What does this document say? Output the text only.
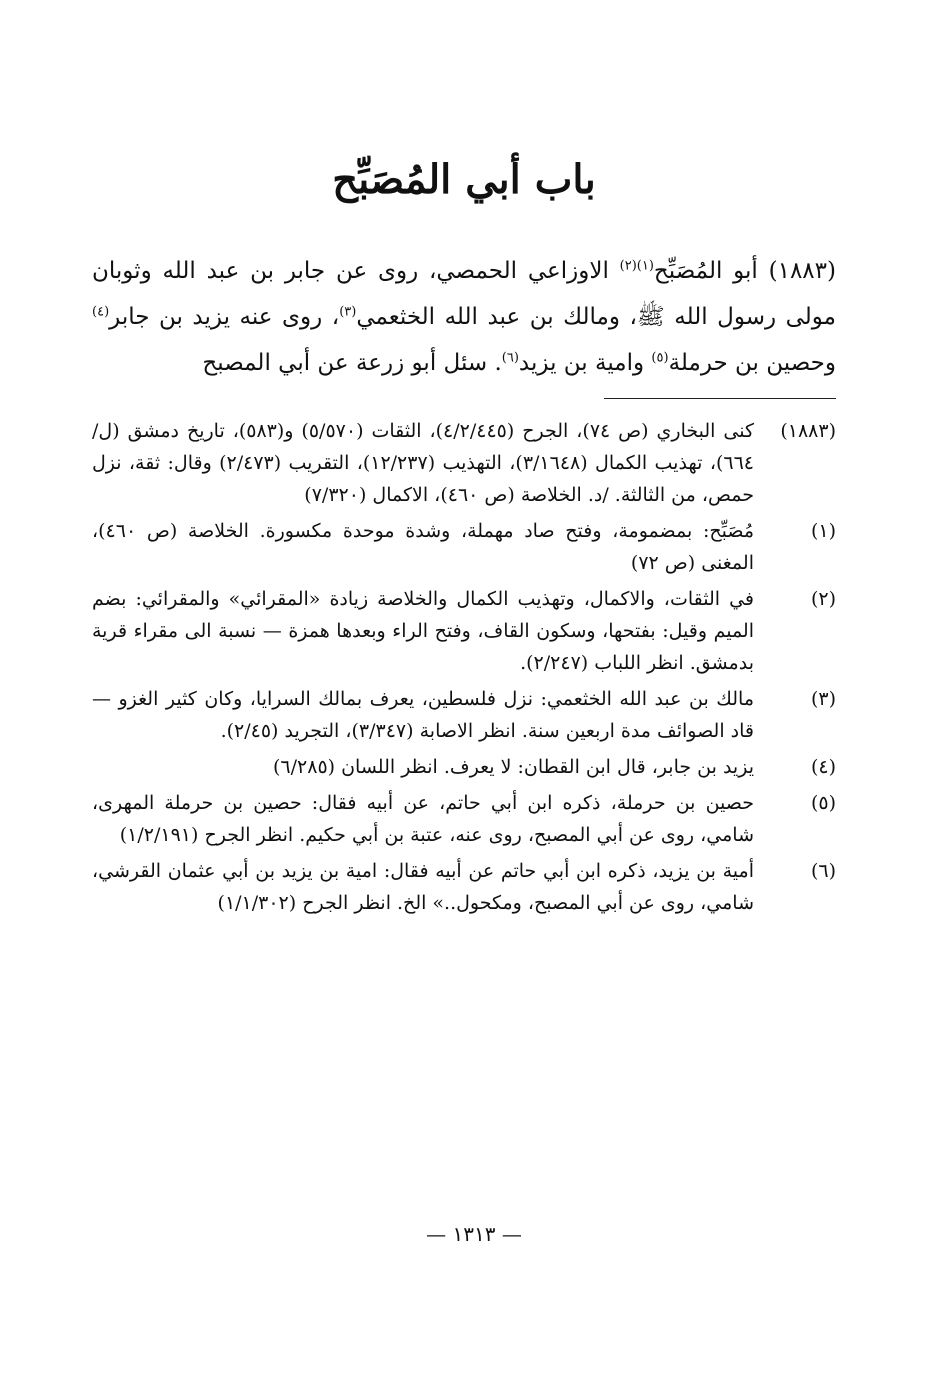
باب أبي المُصَبِّح

(١٨٨٣) أبو المُصَبِّح$^{(١)(٢)}$ الاوزاعي الحمصي، روى عن جابر بن عبد الله وثوبان مولى رسول الله ﷺ، ومالك بن عبد الله الخثعمي$^{(٣)}$، روى عنه يزيد بن جابر$^{(٤)}$ وحصين بن حرملة$^{(٥)}$ وامية بن يزيد$^{(٦)}$. سئل أبو زرعة عن أبي المصبح

(١٨٨٣)
كنى البخاري (ص ٧٤)، الجرح (٤/٢/٤٤٥)، الثقات (٥/٥٧٠) و(٥٨٣)، تاريخ دمشق (ل/٦٦٤)، تهذيب الكمال (٣/١٦٤٨)، التهذيب (١٢/٢٣٧)، التقريب (٢/٤٧٣) وقال: ثقة، نزل حمص، من الثالثة. /د. الخلاصة (ص ٤٦٠)، الاكمال (٧/٣٢٠)
(١)
مُصَبِّح: بمضمومة، وفتح صاد مهملة، وشدة موحدة مكسورة. الخلاصة (ص ٤٦٠)، المغنى (ص ٧٢)
(٢)
في الثقات، والاكمال، وتهذيب الكمال والخلاصة زيادة «المقرائي» والمقرائي: بضم الميم وقيل: بفتحها، وسكون القاف، وفتح الراء وبعدها همزة — نسبة الى مقراء قرية بدمشق. انظر اللباب (٢/٢٤٧).
(٣)
مالك بن عبد الله الخثعمي: نزل فلسطين، يعرف بمالك السرايا، وكان كثير الغزو — قاد الصوائف مدة اربعين سنة. انظر الاصابة (٣/٣٤٧)، التجريد (٢/٤٥).
(٤)
يزيد بن جابر، قال ابن القطان: لا يعرف. انظر اللسان (٦/٢٨٥)
(٥)
حصين بن حرملة، ذكره ابن أبي حاتم، عن أبيه فقال: حصين بن حرملة المهرى، شامي، روى عن أبي المصبح، روى عنه، عتبة بن أبي حكيم. انظر الجرح (١/٢/١٩١)
(٦)
أمية بن يزيد، ذكره ابن أبي حاتم عن أبيه فقال: امية بن يزيد بن أبي عثمان القرشي، شامي، روى عن أبي المصبح، ومكحول..» الخ. انظر الجرح (١/١/٣٠٢)
— ١٣١٣ —
